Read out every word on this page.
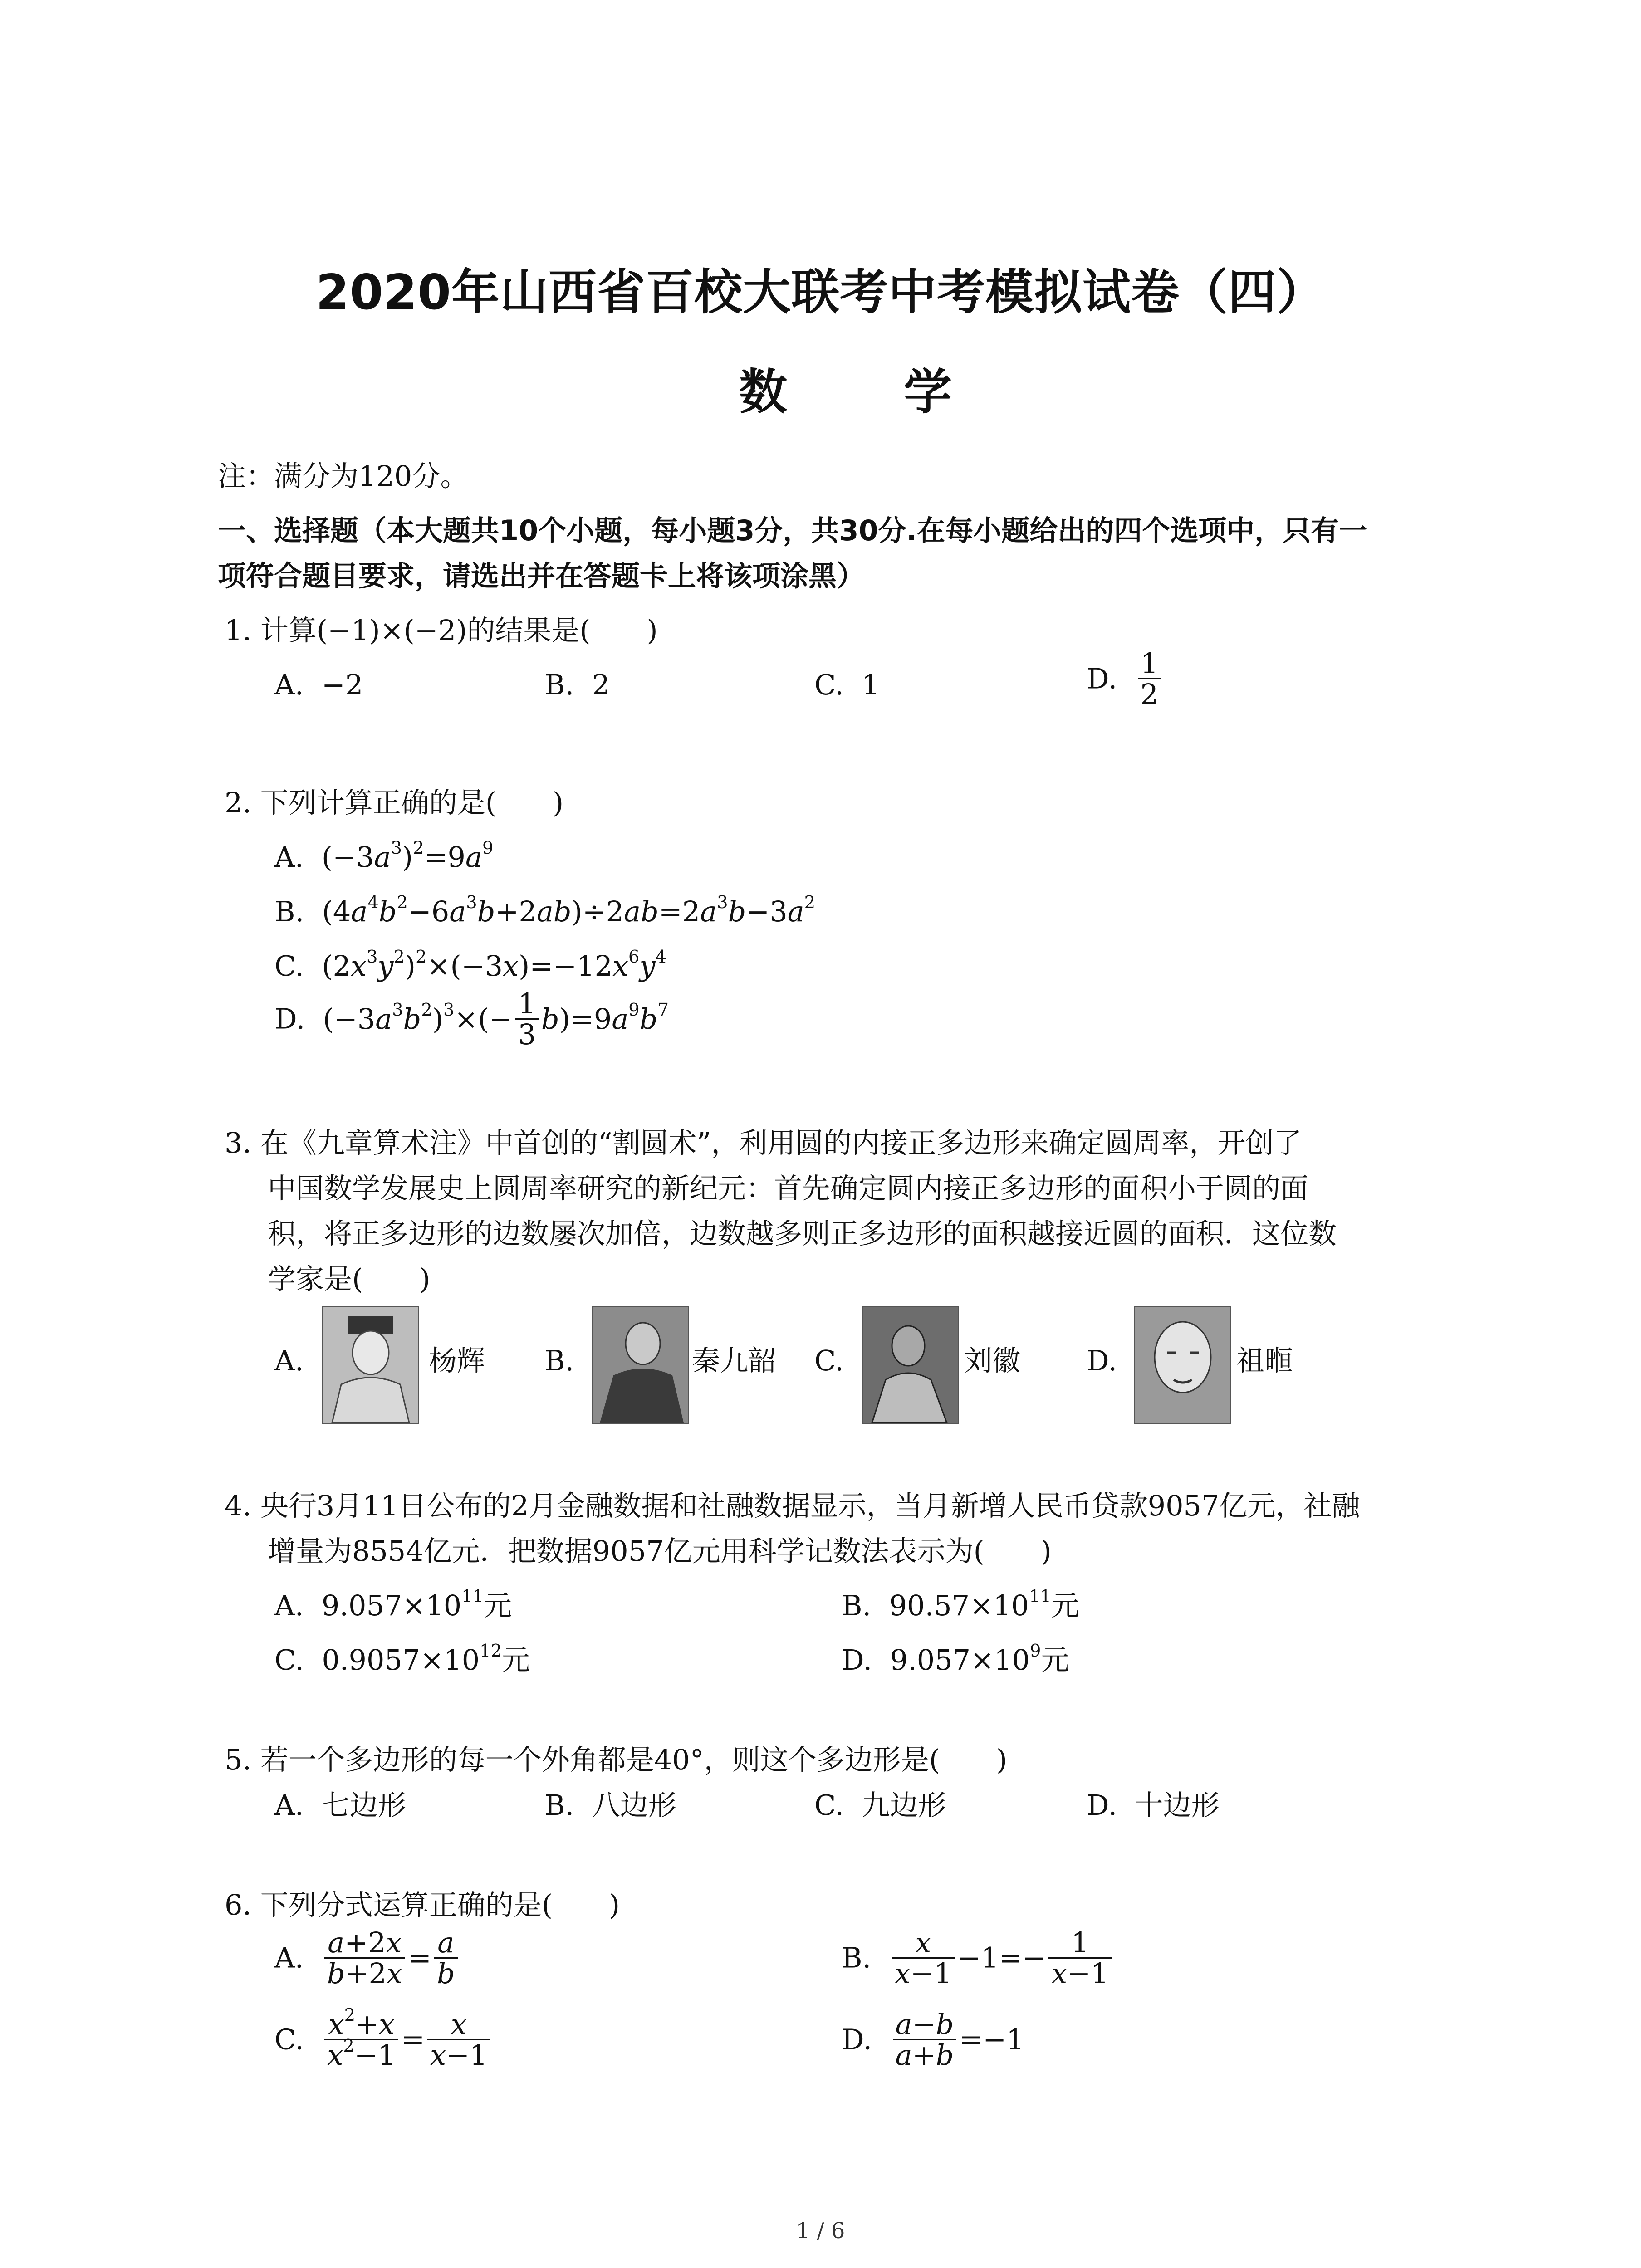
2020年山西省百校大联考中考模拟试卷（四）
数 学
注：满分为120分。
一、选择题（本大题共10个小题，每小题3分，共30分.在每小题给出的四个选项中，只有一
项符合题目要求，请选出并在答题卡上将该项涂黑）
1. 计算(−1)×(−2)的结果是(　　)
A. −2	B. 2	C. 1	D. $\frac{1}{2}$
2. 下列计算正确的是(　　)
A.  $(-3a^3)^2=9a^9$
B.  $(4a^4b^2-6a^3b+2ab)\div 2ab=2a^3b-3a^2$
C.  $(2x^3y^2)^2\times(-3x)=-12x^6y^4$
D. $(-3a^3b^2)^3\times(- \frac{1}{3} b)=9a^9b^7$
3. 在《九章算术注》中首创的“割圆术”，利用圆的内接正多边形来确定圆周率，开创了
中国数学发展史上圆周率研究的新纪元：首先确定圆内接正多边形的面积小于圆的面
积，将正多边形的边数屡次加倍，边数越多则正多边形的面积越接近圆的面积．这位数
学家是(　　)
A.	杨辉 B.	秦九韶 C.	刘徽 D.	祖暅
4. 央行3月11日公布的2月金融数据和社融数据显示，当月新增人民币贷款9057亿元，社融
增量为8554亿元．把数据9057亿元用科学记数法表示为(　　)
A.  $9.057\times 10^{11}$元	B.  $90.57\times 10^{11}$元
C.  $0.9057\times 10^{12}$元	D.  $9.057\times 10^9$元
5. 若一个多边形的每一个外角都是40°，则这个多边形是(　　)
A. 七边形	B. 八边形	C. 九边形	D. 十边形
6. 下列分式运算正确的是(　　)
A. $\frac{a+2x}{b+2x} = \frac{a}{b}$	B. $\frac{x}{x-1} -1=- \frac{1}{x-1}$
C. $\frac{x^2+x}{x^2-1} = \frac{x}{x-1}$	D. $\frac{a-b}{a+b} =-1$
1 / 6
